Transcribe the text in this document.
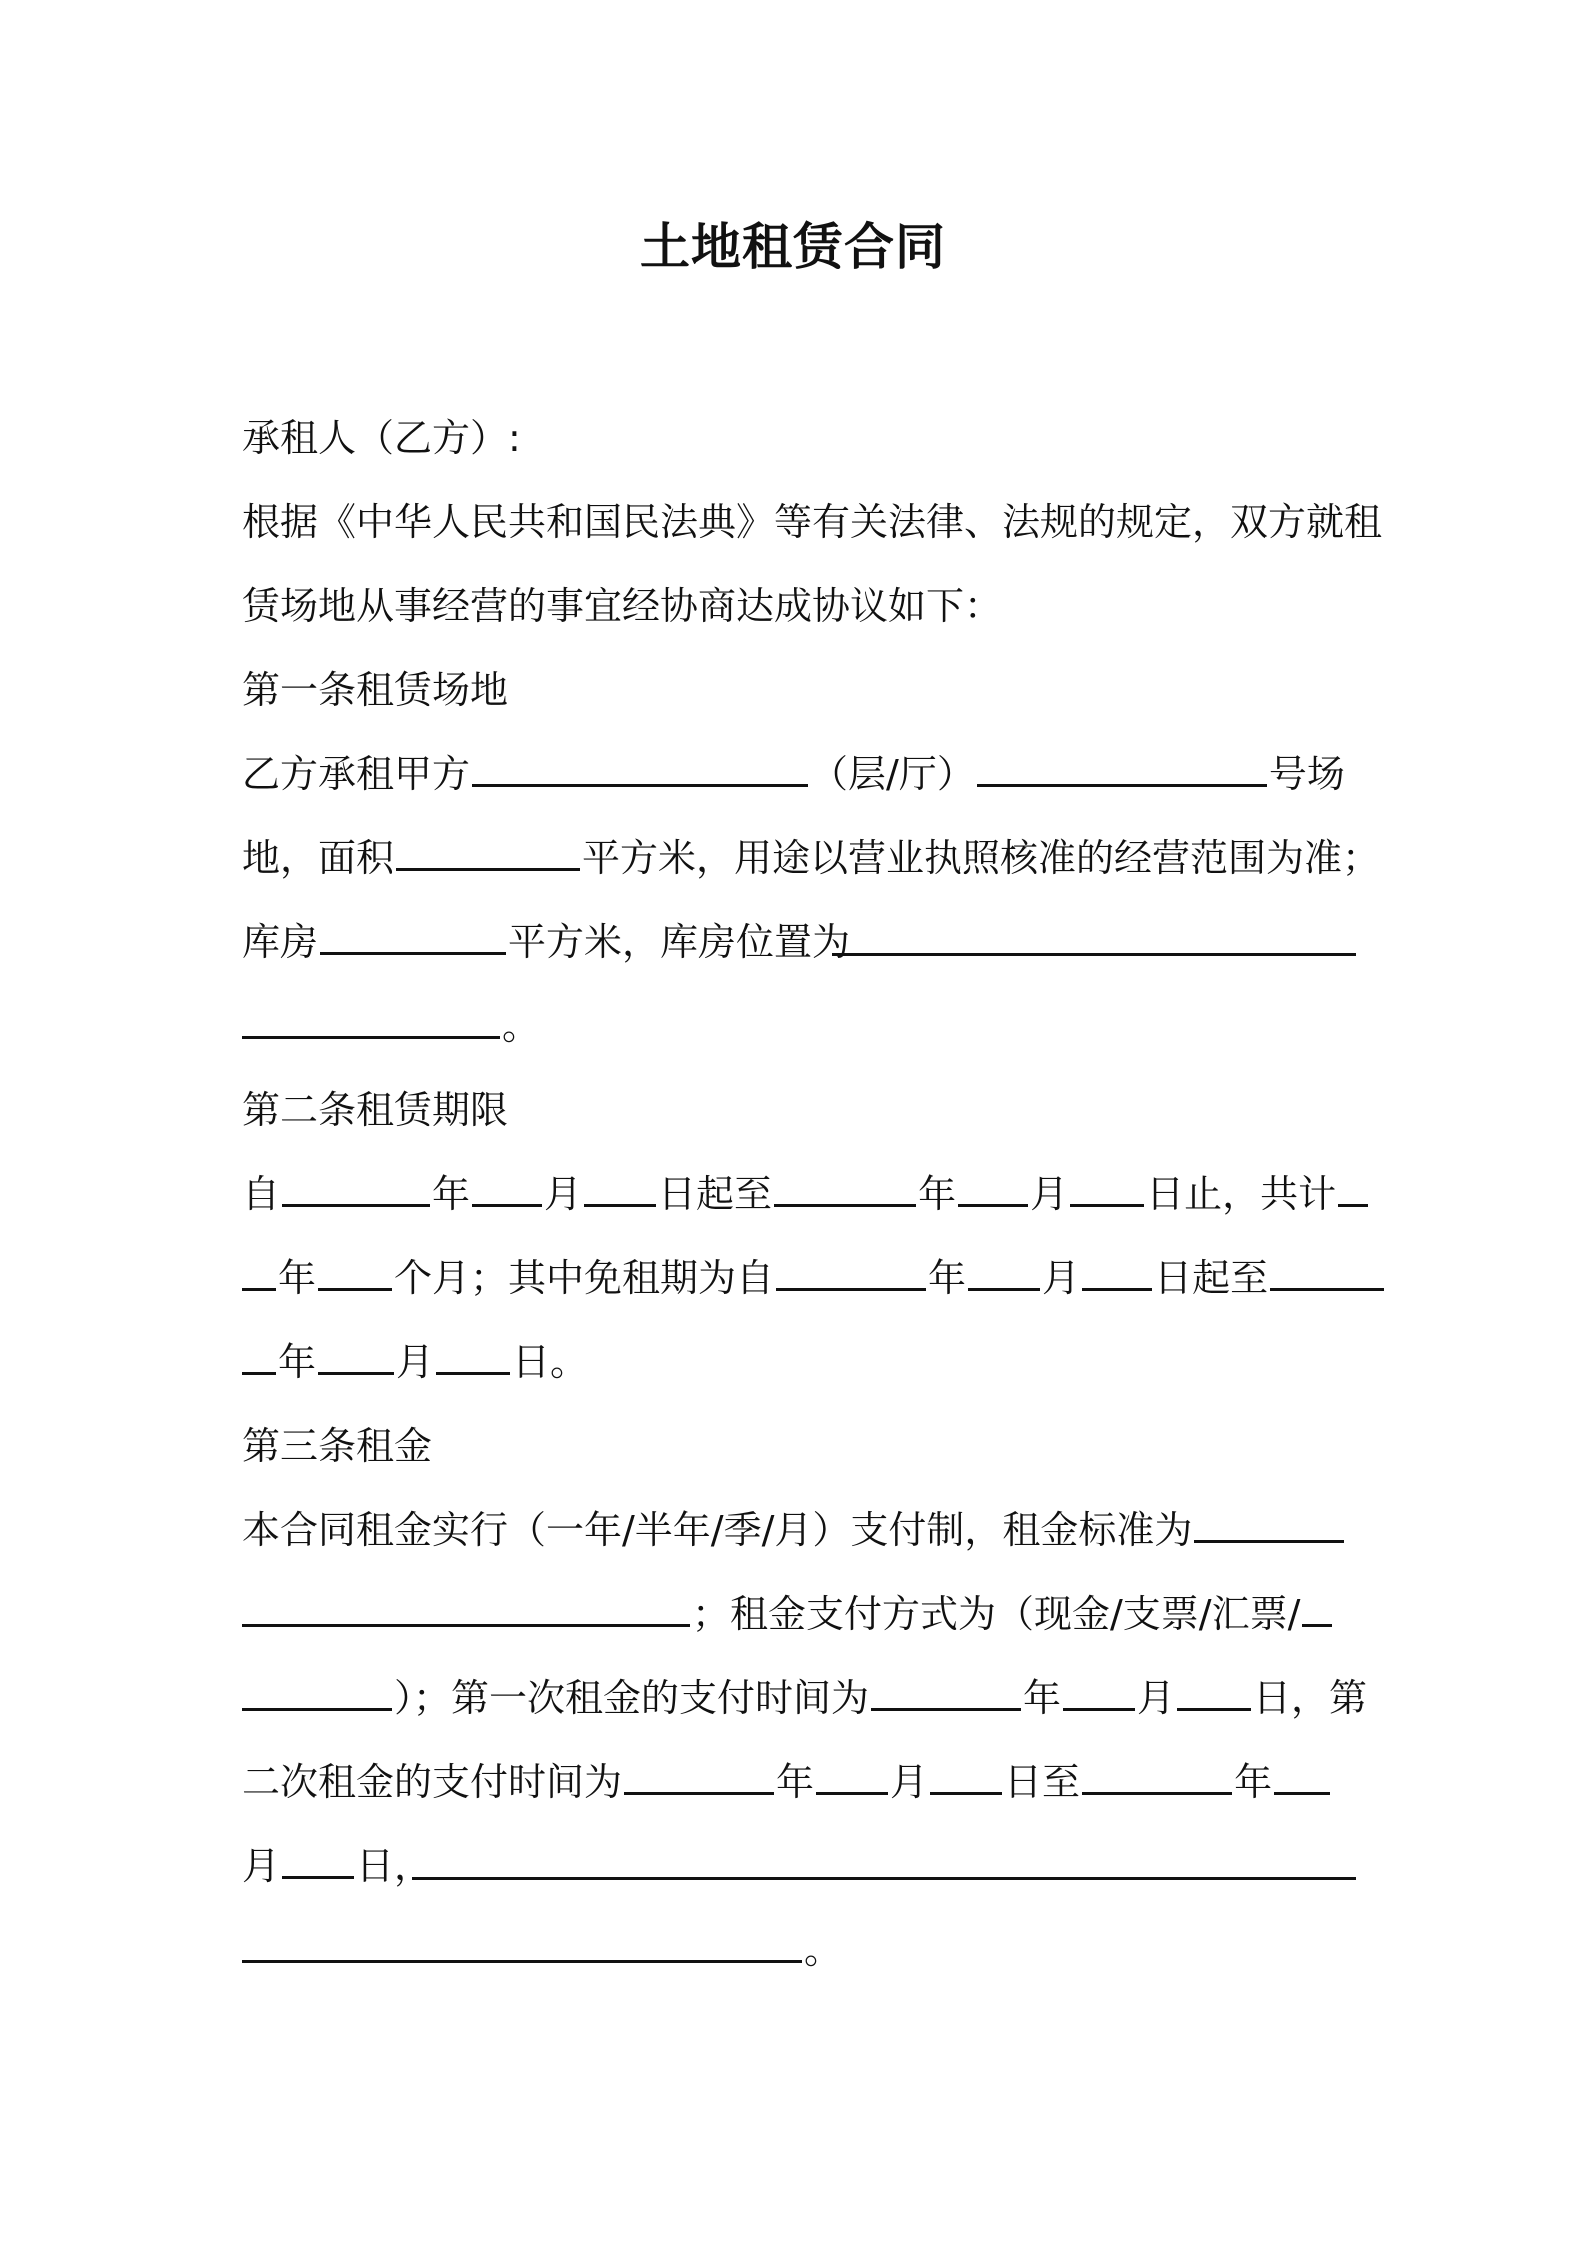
土地租赁合同
承租人（乙方）:
根据《中华人民共和国民法典》等有关法律、法规的规定，双方就租
赁场地从事经营的事宜经协商达成协议如下：
第一条租赁场地
乙方承租甲方	（层/厅）	号场
地，面积	平方米，用途以营业执照核准的经营范围为准；
库房	平方米，库房位置为
。
第二条租赁期限
自	年 月 日起至	年 月 日止，共计
年 个月；其中免租期为自	年 月 日起至
年 月 日。
第三条租金
本合同租金实行（一年/半年/季/月）支付制，租金标准为
；租金支付方式为（现金/支票/汇票/
）；第一次租金的支付时间为	年 月 日，第
二次租金的支付时间为	年 月 日至	年
月 日，
。
